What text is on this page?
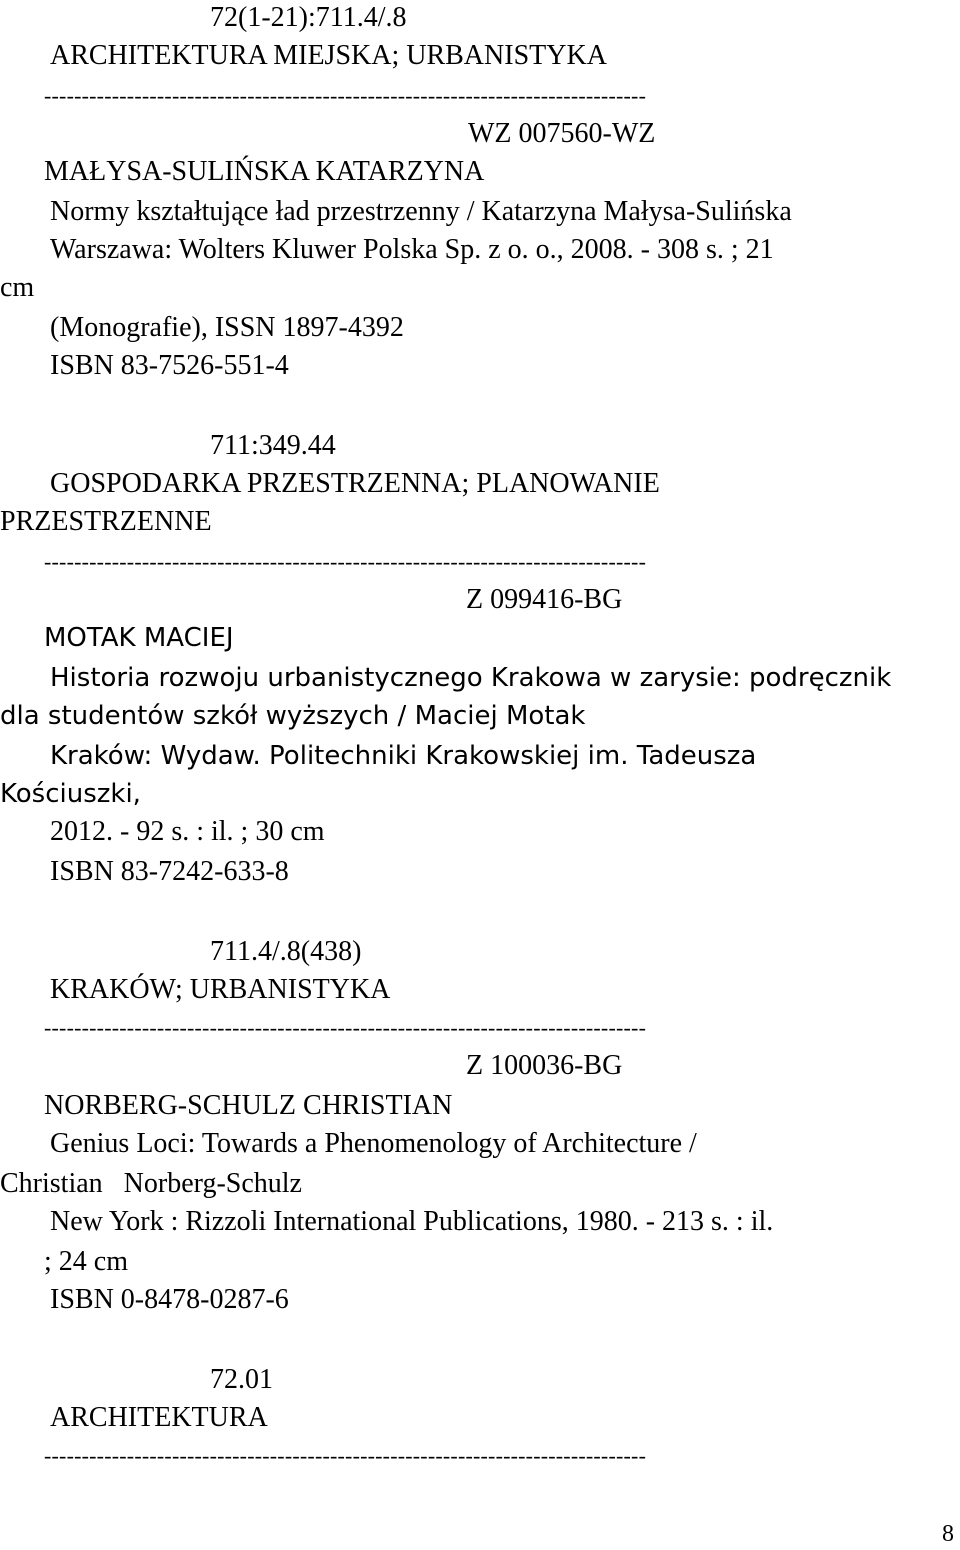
72(1-21):711.4/.8
ARCHITEKTURA MIEJSKA; URBANISTYKA
--------------------------------------------------------------------------------
WZ 007560-WZ
MAŁYSA-SULIŃSKA KATARZYNA
Normy kształtujące ład przestrzenny / Katarzyna Małysa-Sulińska
Warszawa: Wolters Kluwer Polska Sp. z o. o., 2008. - 308 s. ; 21
cm
(Monografie), ISSN 1897-4392
ISBN 83-7526-551-4
711:349.44
GOSPODARKA PRZESTRZENNA; PLANOWANIE
PRZESTRZENNE
--------------------------------------------------------------------------------
Z 099416-BG
MOTAK MACIEJ
Historia rozwoju urbanistycznego Krakowa w zarysie: podręcznik
dla studentów szkół wyższych / Maciej Motak
Kraków: Wydaw. Politechniki Krakowskiej im. Tadeusza
Kościuszki,
2012. - 92 s. : il. ; 30 cm
ISBN 83-7242-633-8
711.4/.8(438)
KRAKÓW; URBANISTYKA
--------------------------------------------------------------------------------
Z 100036-BG
NORBERG-SCHULZ CHRISTIAN
Genius Loci: Towards a Phenomenology of Architecture /
Christian   Norberg-Schulz
New York : Rizzoli International Publications, 1980. - 213 s. : il.
; 24 cm
ISBN 0-8478-0287-6
72.01
ARCHITEKTURA
--------------------------------------------------------------------------------
8
